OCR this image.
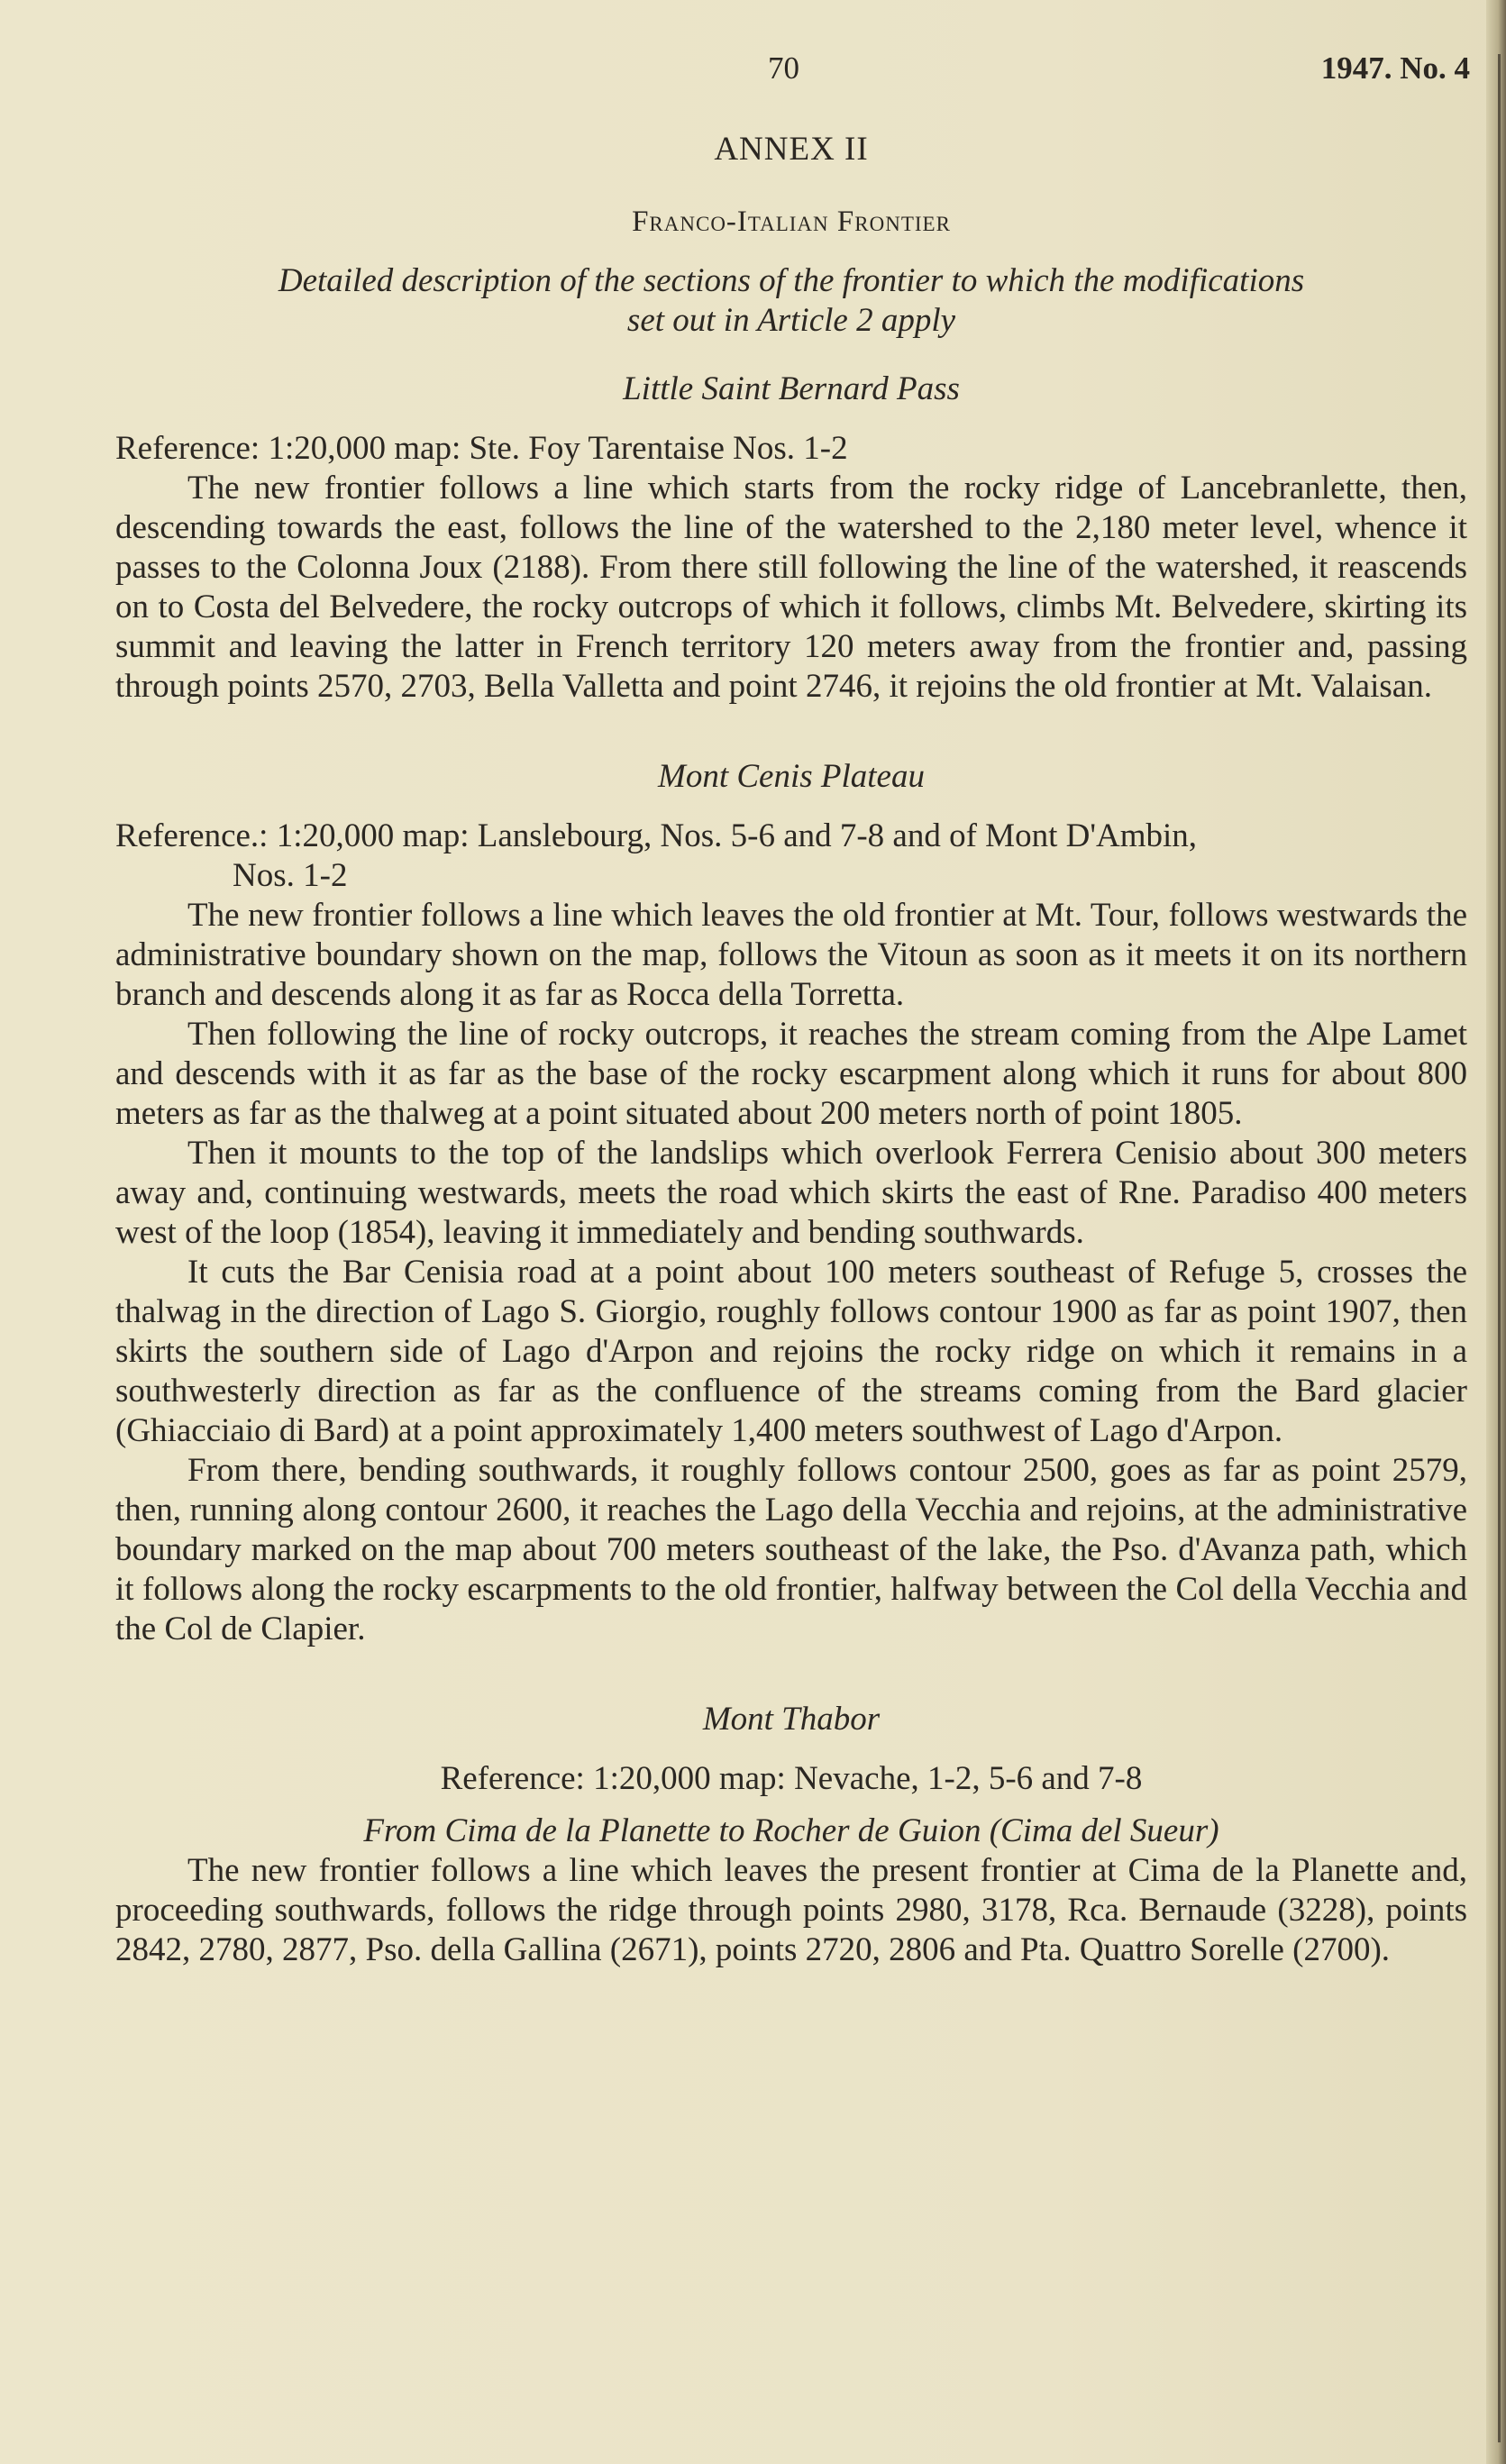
70	1947. No. 4
ANNEX II
Franco-Italian Frontier
Detailed description of the sections of the frontier to which the modifications
set out in Article 2 apply
Little Saint Bernard Pass
Reference: 1:20,000 map: Ste. Foy Tarentaise Nos. 1-2

The new frontier follows a line which starts from the rocky ridge of Lancebranlette, then, descending towards the east, follows the line of the watershed to the 2,180 meter level, whence it passes to the Colonna Joux (2188). From there still following the line of the watershed, it reascends on to Costa del Belvedere, the rocky outcrops of which it follows, climbs Mt. Belvedere, skirting its summit and leaving the latter in French territory 120 meters away from the frontier and, passing through points 2570, 2703, Bella Valletta and point 2746, it rejoins the old frontier at Mt. Valaisan.

Mont Cenis Plateau
Reference.: 1:20,000 map: Lanslebourg, Nos. 5-6 and 7-8 and of Mont D'Ambin,
Nos. 1-2

The new frontier follows a line which leaves the old frontier at Mt. Tour, follows westwards the administrative boundary shown on the map, follows the Vitoun as soon as it meets it on its northern branch and descends along it as far as Rocca della Torretta.

Then following the line of rocky outcrops, it reaches the stream coming from the Alpe Lamet and descends with it as far as the base of the rocky escarpment along which it runs for about 800 meters as far as the thalweg at a point situated about 200 meters north of point 1805.

Then it mounts to the top of the landslips which overlook Ferrera Cenisio about 300 meters away and, continuing westwards, meets the road which skirts the east of Rne. Paradiso 400 meters west of the loop (1854), leaving it immediately and bending southwards.

It cuts the Bar Cenisia road at a point about 100 meters southeast of Refuge 5, crosses the thalwag in the direction of Lago S. Giorgio, roughly follows contour 1900 as far as point 1907, then skirts the southern side of Lago d'Arpon and rejoins the rocky ridge on which it remains in a southwesterly direction as far as the confluence of the streams coming from the Bard glacier (Ghiacciaio di Bard) at a point approximately 1,400 meters southwest of Lago d'Arpon.

From there, bending southwards, it roughly follows contour 2500, goes as far as point 2579, then, running along contour 2600, it reaches the Lago della Vecchia and rejoins, at the administrative boundary marked on the map about 700 meters southeast of the lake, the Pso. d'Avanza path, which it follows along the rocky escarpments to the old frontier, halfway between the Col della Vecchia and the Col de Clapier.

Mont Thabor
Reference: 1:20,000 map: Nevache, 1-2, 5-6 and 7-8
From Cima de la Planette to Rocher de Guion (Cima del Sueur)

The new frontier follows a line which leaves the present frontier at Cima de la Planette and, proceeding southwards, follows the ridge through points 2980, 3178, Rca. Bernaude (3228), points 2842, 2780, 2877, Pso. della Gallina (2671), points 2720, 2806 and Pta. Quattro Sorelle (2700).
